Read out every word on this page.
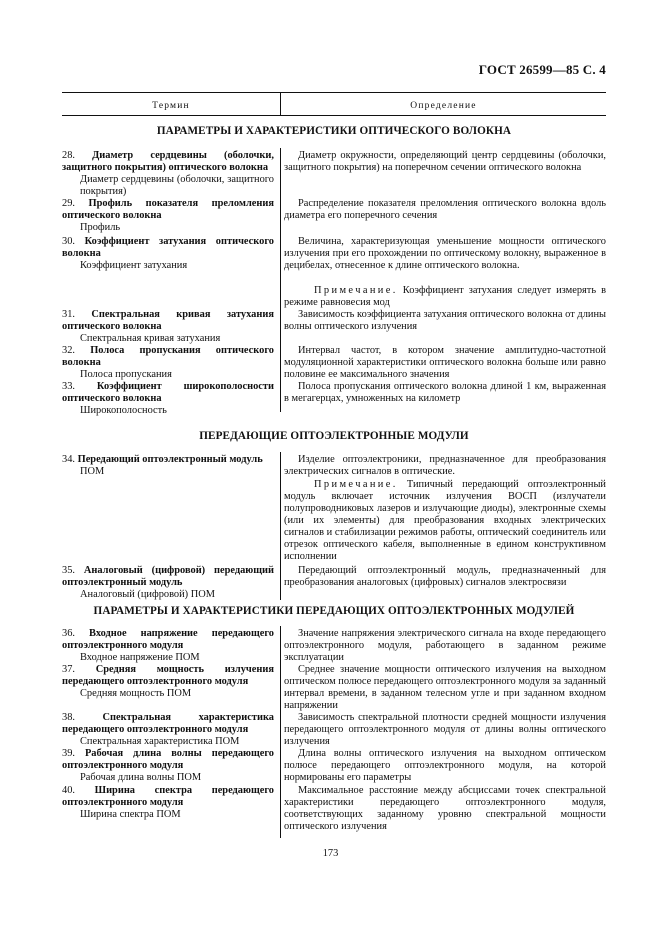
ГОСТ 26599—85 С. 4
Термин	Определение
ПАРАМЕТРЫ И ХАРАКТЕРИСТИКИ ОПТИЧЕСКОГО ВОЛОКНА
28. Диаметр сердцевины (оболочки, защитного покрытия) оптического волокна
Диаметр сердцевины (оболочки, защитного покрытия)
Диаметр окружности, определяющий центр сердцевины (оболочки, защитного покрытия) на поперечном сечении оптического волокна
29. Профиль показателя преломления оптического волокна
Профиль
Распределение показателя преломления оптического волокна вдоль диаметра его поперечного сечения
30. Коэффициент затухания оптического волокна
Коэффициент затухания
Величина, характеризующая уменьшение мощности оптического излучения при его прохождении по оптическому волокну, выраженное в децибелах, отнесенное к длине оптического волокна.
Примечание. Коэффициент затухания следует измерять в режиме равновесия мод
31. Спектральная кривая затухания оптического волокна
Спектральная кривая затухания
Зависимость коэффициента затухания оптического волокна от длины волны оптического излучения
32. Полоса пропускания оптического волокна
Полоса пропускания
Интервал частот, в котором значение амплитудно-частотной модуляционной характеристики оптического волокна больше или равно половине ее максимального значения
33. Коэффициент широкополосности оптического волокна
Широкополосность
Полоса пропускания оптического волокна длиной 1 км, выраженная в мегагерцах, умноженных на километр
ПЕРЕДАЮЩИЕ ОПТОЭЛЕКТРОННЫЕ МОДУЛИ
34. Передающий оптоэлектронный модуль
ПОМ
Изделие оптоэлектроники, предназначенное для преобразования электрических сигналов в оптические.
Примечание. Типичный передающий оптоэлектронный модуль включает источник излучения ВОСП (излучатели полупроводниковых лазеров и излучающие диоды), электронные схемы (или их элементы) для преобразования входных электрических сигналов и стабилизации режимов работы, оптический соединитель или отрезок оптического кабеля, выполненные в едином конструктивном исполнении
35. Аналоговый (цифровой) передающий оптоэлектронный модуль
Аналоговый (цифровой) ПОМ
Передающий оптоэлектронный модуль, предназначенный для преобразования аналоговых (цифровых) сигналов электросвязи
ПАРАМЕТРЫ И ХАРАКТЕРИСТИКИ ПЕРЕДАЮЩИХ ОПТОЭЛЕКТРОННЫХ МОДУЛЕЙ
36. Входное напряжение передающего оптоэлектронного модуля
Входное напряжение ПОМ
Значение напряжения электрического сигнала на входе передающего оптоэлектронного модуля, работающего в заданном режиме эксплуатации
37. Средняя мощность излучения передающего оптоэлектронного модуля
Средняя мощность ПОМ
Среднее значение мощности оптического излучения на выходном оптическом полюсе передающего оптоэлектронного модуля за заданный интервал времени, в заданном телесном угле и при заданном входном напряжении
38.	Спектральная характеристика передающего оптоэлектронного модуля
Спектральная характеристика ПОМ
Зависимость спектральной плотности средней мощности излучения передающего оптоэлектронного модуля от длины волны оптического излучения
39. Рабочая длина волны передающего оптоэлектронного модуля
Рабочая длина волны ПОМ
Длина волны оптического излучения на выходном оптическом полюсе передающего оптоэлектронного модуля, на которой нормированы его параметры
40. Ширина спектра передающего оптоэлектронного модуля
Ширина спектра ПОМ
Максимальное расстояние между абсциссами точек спектральной характеристики передающего оптоэлектронного модуля, соответствующих заданному уровню спектральной мощности оптического излучения
173
